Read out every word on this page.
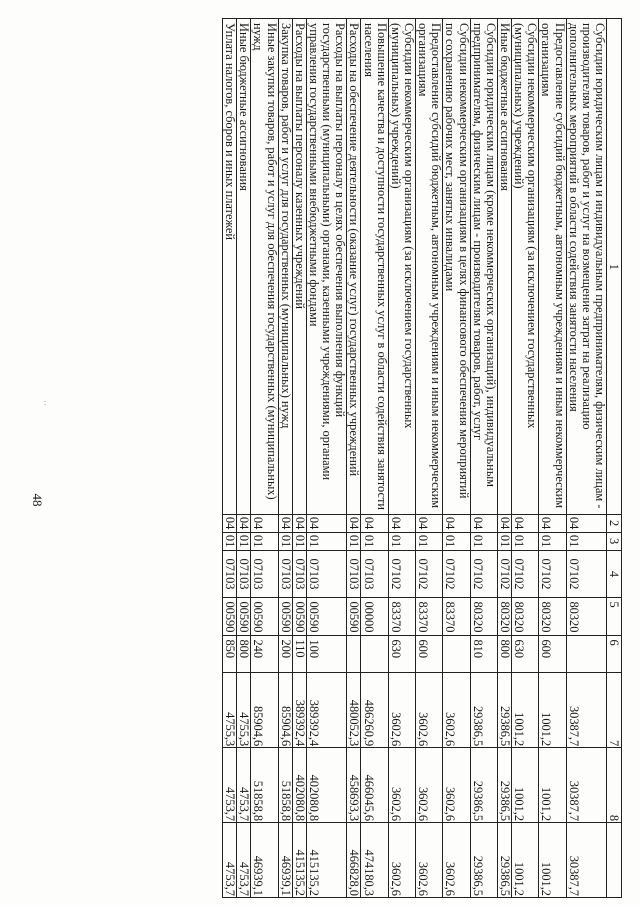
1	2	3	4	5	6	7	8	
Субсидии юридическим лицам и индивидуальным предпринимателям, физическим лицам - производителям товаров, работ и услуг на возмещение затрат на реализацию дополнительных мероприятий в области содействия занятости населения	04	01	07102	80320		30387,7	30387,7	30387,7
Предоставление субсидий бюджетным, автономным учреждениям и иным некоммерческим организациям	04	01	07102	80320	600	1001,2	1001,2	1001,2
Субсидии некоммерческим организациям (за исключением государственных (муниципальных) учреждений)	04	01	07102	80320	630	1001,2	1001,2	1001,2
Иные бюджетные ассигнования	04	01	07102	80320	800	29386,5	29386,5	29386,5
Субсидии юридическим лицам (кроме некоммерческих организаций), индивидуальным предпринимателям, физическим лицам - производителям товаров, работ, услуг	04	01	07102	80320	810	29386,5	29386,5	29386,5
Субсидии некоммерческим организациям в целях финансового обеспечения мероприятий по сохранению рабочих мест, занятых инвалидами	04	01	07102	83370		3602,6	3602,6	3602,6
Предоставление субсидий бюджетным, автономным учреждениям и иным некоммерческим организациям	04	01	07102	83370	600	3602,6	3602,6	3602,6
Субсидии некоммерческим организациям (за исключением государственных (муниципальных) учреждений)	04	01	07102	83370	630	3602,6	3602,6	3602,6
Повышение качества и доступности государственных услуг в области содействия занятости населения	04	01	07103	00000		486260,9	466045,6	474180,3
Расходы на обеспечение деятельности (оказание услуг) государственных учреждений	04	01	07103	00590		480052,3	458693,3	466828,0
Расходы на выплаты персоналу в целях обеспечения выполнения функций государственными (муниципальными) органами, казенными учреждениями, органами управления государственными внебюджетными фондами	04	01	07103	00590	100	389392,4	402080,8	415135,2
Расходы на выплаты персоналу казенных учреждений	04	01	07103	00590	110	389392,4	402080,8	415135,2
Закупка товаров, работ и услуг для государственных (муниципальных) нужд	04	01	07103	00590	200	85904,6	51858,8	46939,1
Иные закупки товаров, работ и услуг для обеспечения государственных (муниципальных) нужд	04	01	07103	00590	240	85904,6	51858,8	46939,1
Иные бюджетные ассигнования	04	01	07103	00590	800	4755,3	4753,7	4753,7
Уплата налогов, сборов и иных платежей	04	01	07103	00590	850	4755,3	4753,7	4753,7
48
· ·
